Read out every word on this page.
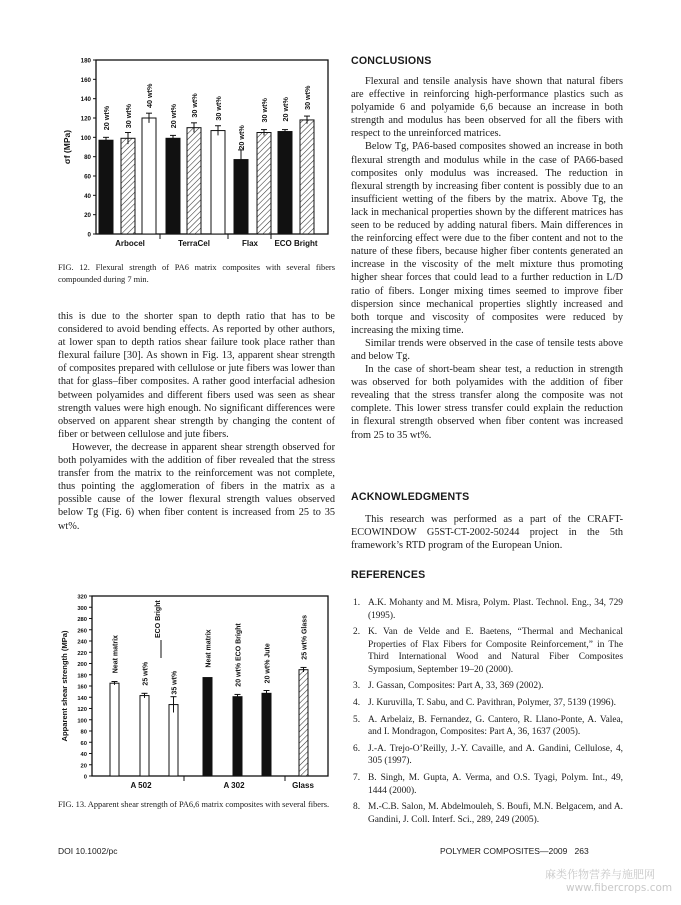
0
20
40
60
80
100
120
140
160
180
σf (MPa)
20 wt% 30 wt%
40 wt%
20 wt% 30 wt% 30 wt%
20 wt%
30 wt% 20 wt% 30 wt%
Arbocel	TerraCel	Flax ECO Bright
FIG. 12. Flexural strength of PA6 matrix composites with several fibers compounded during 7 min.

this is due to the shorter span to depth ratio that has to be considered to avoid bending effects. As reported by other authors, at lower span to depth ratios shear failure took place rather than flexural failure [30]. As shown in Fig. 13, apparent shear strength of composites prepared with cellulose or jute fibers was lower than that for glass–fiber composites. A rather good interfacial adhesion between polyamides and different fibers used was seen as shear strength values were high enough. No significant differences were observed on apparent shear strength by changing the content of fiber or between cellulose and jute fibers.

However, the decrease in apparent shear strength observed for both polyamides with the addition of fiber revealed that the stress transfer from the matrix to the reinforcement was not complete, thus pointing the agglomeration of fibers in the matrix as a possible cause of the lower flexural strength values observed below Tg (Fig. 6) when fiber content is increased from 25 to 35 wt%.

0
20
40
60
80
100
120
140
160
180
200
220
240
260
280
300
320
Apparent shear strength (MPa)	Neat matrix
25 wt%	35 wt%
Neat matrix	20 wt% ECO Bright	20 wt% Jute
25 wt% Glass
A 502	A 302	Glass
ECO Bright
FIG. 13. Apparent shear strength of PA6,6 matrix composites with several fibers.
CONCLUSIONS

Flexural and tensile analysis have shown that natural fibers are effective in reinforcing high-performance plastics such as polyamide 6 and polyamide 6,6 because an increase in both strength and modulus has been observed for all the fibers with respect to the unreinforced matrices.

Below Tg, PA6-based composites showed an increase in both flexural strength and modulus while in the case of PA66-based composites only modulus was increased. The reduction in flexural strength by increasing fiber content is possibly due to an insufficient wetting of the fibers by the matrix. Above Tg, the lack in mechanical properties shown by the different matrices has seen to be reduced by adding natural fibers. Main differences in the reinforcing effect were due to the fiber content and not to the nature of these fibers, because higher fiber contents generated an increase in the viscosity of the melt mixture thus promoting higher shear forces that could lead to a further reduction in L/D ratio of fibers. Longer mixing times seemed to improve fiber dispersion since mechanical properties slightly increased and both torque and viscosity of composites were reduced by increasing the mixing time.

Similar trends were observed in the case of tensile tests above and below Tg.

In the case of short-beam shear test, a reduction in strength was observed for both polyamides with the addition of fiber revealing that the stress transfer along the composite was not complete. This lower stress transfer could explain the reduction in flexural strength observed when fiber content was increased from 25 to 35 wt%.

ACKNOWLEDGMENTS

This research was performed as a part of the CRAFT-ECOWINDOW G5ST-CT-2002-50244 project in the 5th framework’s RTD program of the European Union.

REFERENCES
1. A.K. Mohanty and M. Misra, Polym. Plast. Technol. Eng., 34, 729 (1995).
2. K. Van de Velde and E. Baetens, “Thermal and Mechanical Properties of Flax Fibers for Composite Reinforcement,” in The Third International Wood and Natural Fiber Composites Symposium, September 19–20 (2000).
3. J. Gassan, Composites: Part A, 33, 369 (2002).
4. J. Kuruvilla, T. Sabu, and C. Pavithran, Polymer, 37, 5139 (1996).
5. A. Arbelaiz, B. Fernandez, G. Cantero, R. Llano-Ponte, A. Valea, and I. Mondragon, Composites: Part A, 36, 1637 (2005).
6. J.-A. Trejo-O’Reilly, J.-Y. Cavaille, and A. Gandini, Cellulose, 4, 305 (1997).
7. B. Singh, M. Gupta, A. Verma, and O.S. Tyagi, Polym. Int., 49, 1444 (2000).
8. M.-C.B. Salon, M. Abdelmouleh, S. Boufi, M.N. Belgacem, and A. Gandini, J. Coll. Interf. Sci., 289, 249 (2005).
DOI 10.1002/pc	POLYMER COMPOSITES—2009 263
麻类作物营养与施肥网
www.fibercrops.com
